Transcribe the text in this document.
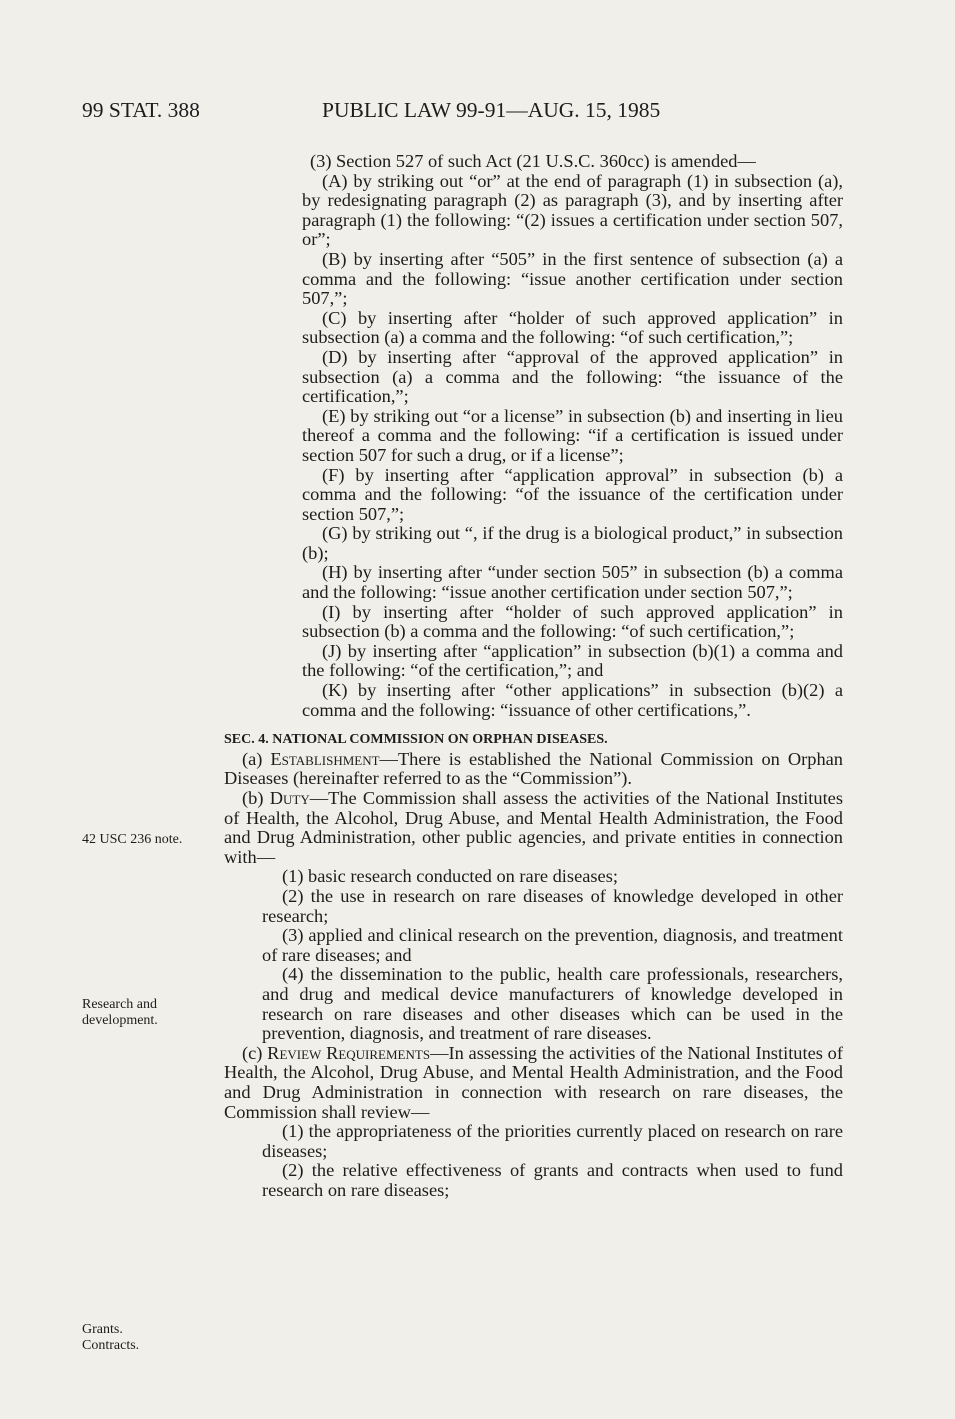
99 STAT. 388	PUBLIC LAW 99-91—AUG. 15, 1985
42 USC 236 note.
Research and
development.
Grants.
Contracts.

(3) Section 527 of such Act (21 U.S.C. 360cc) is amended—

(A) by striking out “or” at the end of paragraph (1) in subsection (a), by redesignating paragraph (2) as paragraph (3), and by inserting after paragraph (1) the following: “(2) issues a certification under section 507, or”;

(B) by inserting after “505” in the first sentence of subsection (a) a comma and the following: “issue another certification under section 507,”;

(C) by inserting after “holder of such approved application” in subsection (a) a comma and the following: “of such certification,”;

(D) by inserting after “approval of the approved application” in subsection (a) a comma and the following: “the issuance of the certification,”;

(E) by striking out “or a license” in subsection (b) and inserting in lieu thereof a comma and the following: “if a certification is issued under section 507 for such a drug, or if a license”;

(F) by inserting after “application approval” in subsection (b) a comma and the following: “of the issuance of the certification under section 507,”;

(G) by striking out “, if the drug is a biological product,” in subsection (b);

(H) by inserting after “under section 505” in subsection (b) a comma and the following: “issue another certification under section 507,”;

(I) by inserting after “holder of such approved application” in subsection (b) a comma and the following: “of such certification,”;

(J) by inserting after “application” in subsection (b)(1) a comma and the following: “of the certification,”; and

(K) by inserting after “other applications” in subsection (b)(2) a comma and the following: “issuance of other certifications,”.

SEC. 4. NATIONAL COMMISSION ON ORPHAN DISEASES.

(a) Establishment—There is established the National Commission on Orphan Diseases (hereinafter referred to as the “Commission”).

(b) Duty—The Commission shall assess the activities of the National Institutes of Health, the Alcohol, Drug Abuse, and Mental Health Administration, the Food and Drug Administration, other public agencies, and private entities in connection with—

(1) basic research conducted on rare diseases;

(2) the use in research on rare diseases of knowledge developed in other research;

(3) applied and clinical research on the prevention, diagnosis, and treatment of rare diseases; and

(4) the dissemination to the public, health care professionals, researchers, and drug and medical device manufacturers of knowledge developed in research on rare diseases and other diseases which can be used in the prevention, diagnosis, and treatment of rare diseases.

(c) Review Requirements—In assessing the activities of the National Institutes of Health, the Alcohol, Drug Abuse, and Mental Health Administration, and the Food and Drug Administration in connection with research on rare diseases, the Commission shall review—

(1) the appropriateness of the priorities currently placed on research on rare diseases;

(2) the relative effectiveness of grants and contracts when used to fund research on rare diseases;
